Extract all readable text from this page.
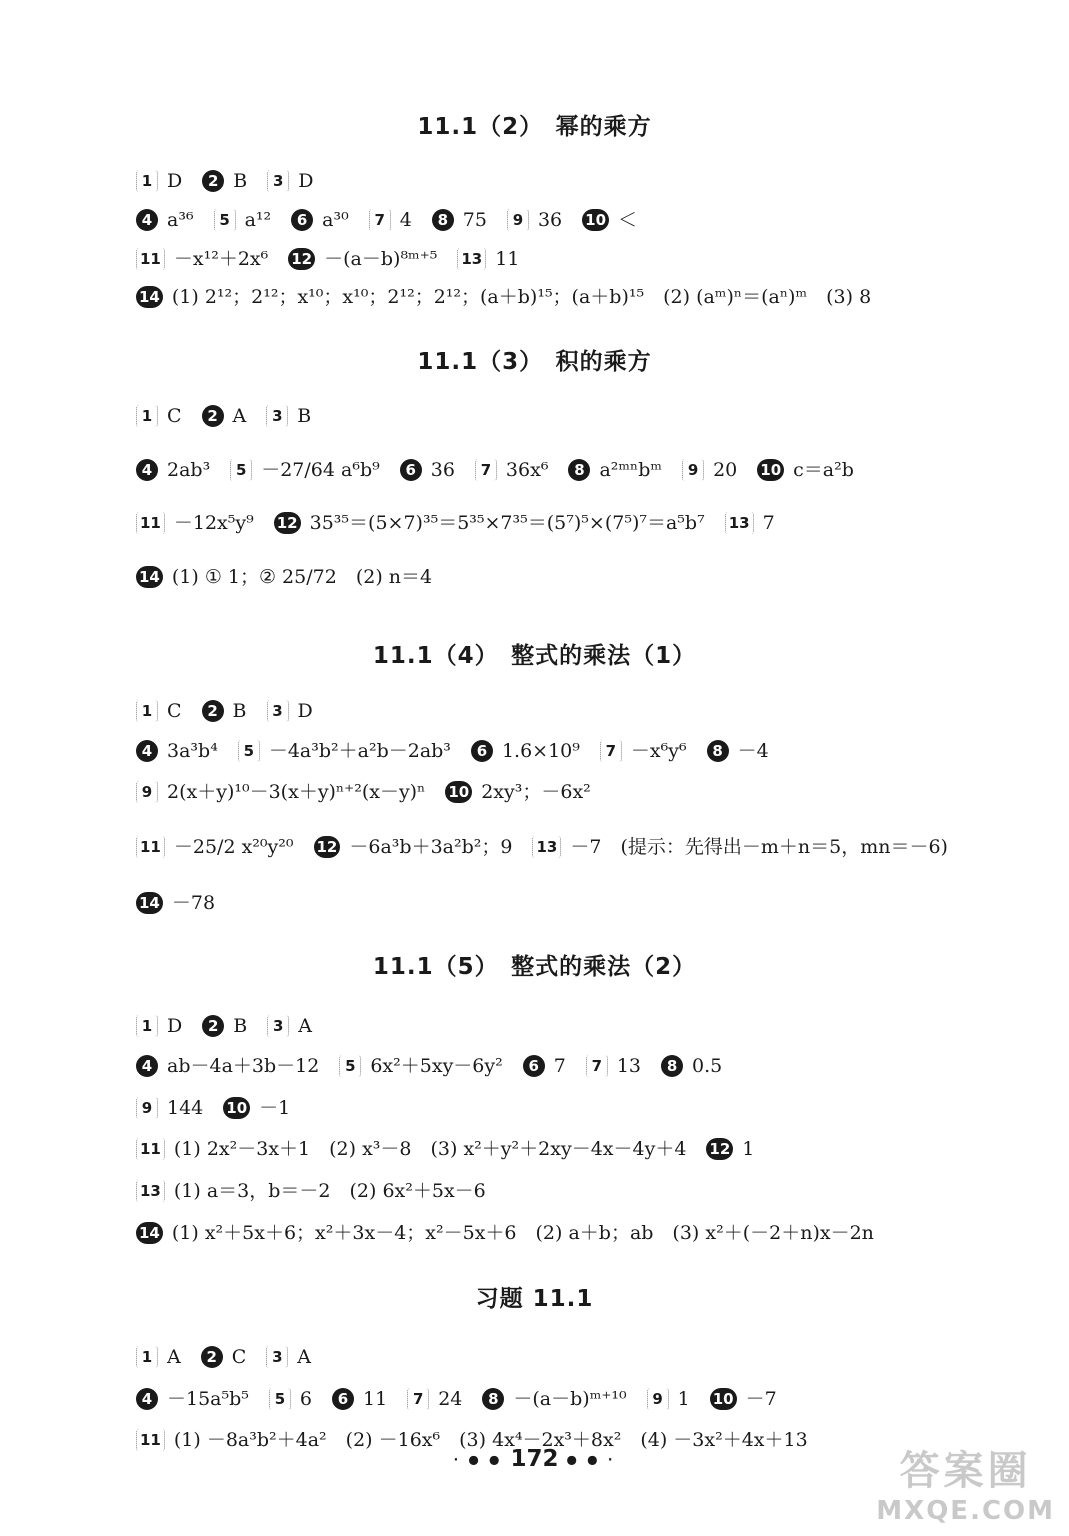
11.1（2）　幂的乘方
1 D	2 B	3 D
4 a³⁶	5 a¹²	6 a³⁰	7 4	8 75	9 36 10 ＜
11 －x¹²＋2x⁶ 12 －(a－b)⁸ᵐ⁺⁵ 13 11
14 (1) 2¹²；2¹²；x¹⁰；x¹⁰；2¹²；2¹²；(a＋b)¹⁵；(a＋b)¹⁵　(2) (aᵐ)ⁿ＝(aⁿ)ᵐ　(3) 8
11.1（3）　积的乘方
1 C	2 A	3 B
4 2ab³	5 －27/64 a⁶b⁹	6 36	7 36x⁶	8 a²ᵐⁿbᵐ	9 20 10 c＝a²b
11 －12x⁵y⁹ 12 35³⁵＝(5×7)³⁵＝5³⁵×7³⁵＝(5⁷)⁵×(7⁵)⁷＝a⁵b⁷ 13 7
14 (1) ① 1；② 25/72　(2) n＝4
11.1（4）　整式的乘法（1）
1 C	2 B	3 D
4 3a³b⁴	5 －4a³b²＋a²b－2ab³	6 1.6×10⁹	7 －x⁶y⁶	8 －4
9 2(x＋y)¹⁰－3(x＋y)ⁿ⁺²(x－y)ⁿ 10 2xy³；－6x²
11 －25/2 x²⁰y²⁰ 12 －6a³b＋3a²b²；9 13 －7　(提示：先得出－m＋n＝5，mn＝－6)
14 －78
11.1（5）　整式的乘法（2）
1 D	2 B	3 A
4 ab－4a＋3b－12	5 6x²＋5xy－6y²	6 7	7 13	8 0.5
9 144 10 －1
11 (1) 2x²－3x＋1　(2) x³－8　(3) x²＋y²＋2xy－4x－4y＋4 12 1
13 (1) a＝3，b＝－2　(2) 6x²＋5x－6
14 (1) x²＋5x＋6；x²＋3x－4；x²－5x＋6　(2) a＋b；ab　(3) x²＋(－2＋n)x－2n
习题 11.1
1 A	2 C	3 A
4 －15a⁵b⁵	5 6	6 11	7 24	8 －(a－b)ᵐ⁺¹⁰	9 1 10 －7
11 (1) －8a³b²＋4a²　(2) －16x⁶　(3) 4x⁴－2x³＋8x²　(4) －3x²＋4x＋13
· ● ● 172 ● ● ·	答案圈
MXQE.COM
